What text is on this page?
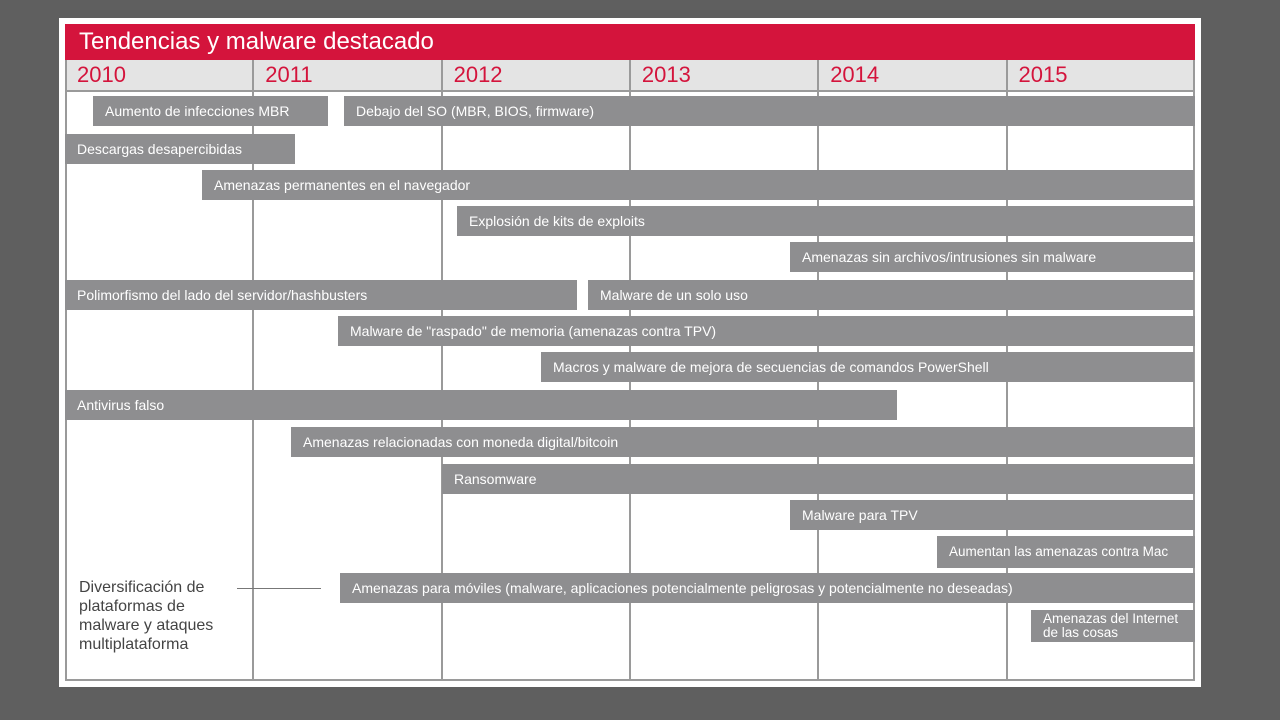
Tendencias y malware destacado
2010	2011	2012	2013	2014	2015
Aumento de infecciones MBR	Debajo del SO (MBR, BIOS, firmware)
Descargas desapercibidas
Amenazas permanentes en el navegador
Explosión de kits de exploits
Amenazas sin archivos/intrusiones sin malware
Polimorfismo del lado del servidor/hashbusters	Malware de un solo uso
Malware de "raspado" de memoria (amenazas contra TPV)
Macros y malware de mejora de secuencias de comandos PowerShell
Antivirus falso
Amenazas relacionadas con moneda digital/bitcoin
Ransomware
Malware para TPV
Aumentan las amenazas contra Mac
Amenazas para móviles (malware, aplicaciones potencialmente peligrosas y potencialmente no deseadas)
Amenazas del Internet de las cosas
Diversificación de plataformas de malware y ataques multiplataforma
